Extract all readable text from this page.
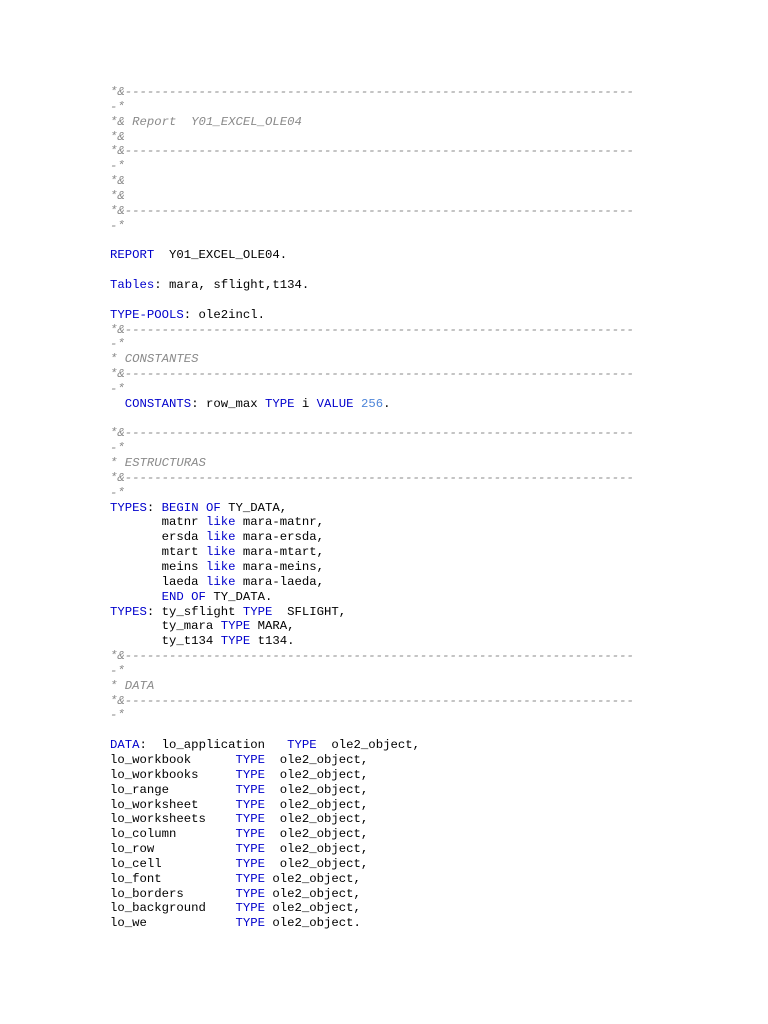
*&---------------------------------------------------------------------
-*
*& Report  Y01_EXCEL_OLE04
*&
*&---------------------------------------------------------------------
-*
*&
*&
*&---------------------------------------------------------------------
-*
REPORT  Y01_EXCEL_OLE04.
Tables: mara, sflight,t134.
TYPE-POOLS: ole2incl.
*&---------------------------------------------------------------------
-*
* CONSTANTES
*&---------------------------------------------------------------------
-*
CONSTANTS: row_max TYPE i VALUE 256.
*&---------------------------------------------------------------------
-*
* ESTRUCTURAS
*&---------------------------------------------------------------------
-*
TYPES: BEGIN OF TY_DATA,
matnr like mara-matnr,
ersda like mara-ersda,
mtart like mara-mtart,
meins like mara-meins,
laeda like mara-laeda,
END OF TY_DATA.
TYPES: ty_sflight TYPE  SFLIGHT,
ty_mara TYPE MARA,
ty_t134 TYPE t134.
*&---------------------------------------------------------------------
-*
* DATA
*&---------------------------------------------------------------------
-*
DATA:  lo_application   TYPE  ole2_object,
lo_workbook      TYPE  ole2_object,
lo_workbooks     TYPE  ole2_object,
lo_range         TYPE  ole2_object,
lo_worksheet     TYPE  ole2_object,
lo_worksheets    TYPE  ole2_object,
lo_column        TYPE  ole2_object,
lo_row           TYPE  ole2_object,
lo_cell          TYPE  ole2_object,
lo_font          TYPE ole2_object,
lo_borders       TYPE ole2_object,
lo_background    TYPE ole2_object,
lo_we            TYPE ole2_object.
